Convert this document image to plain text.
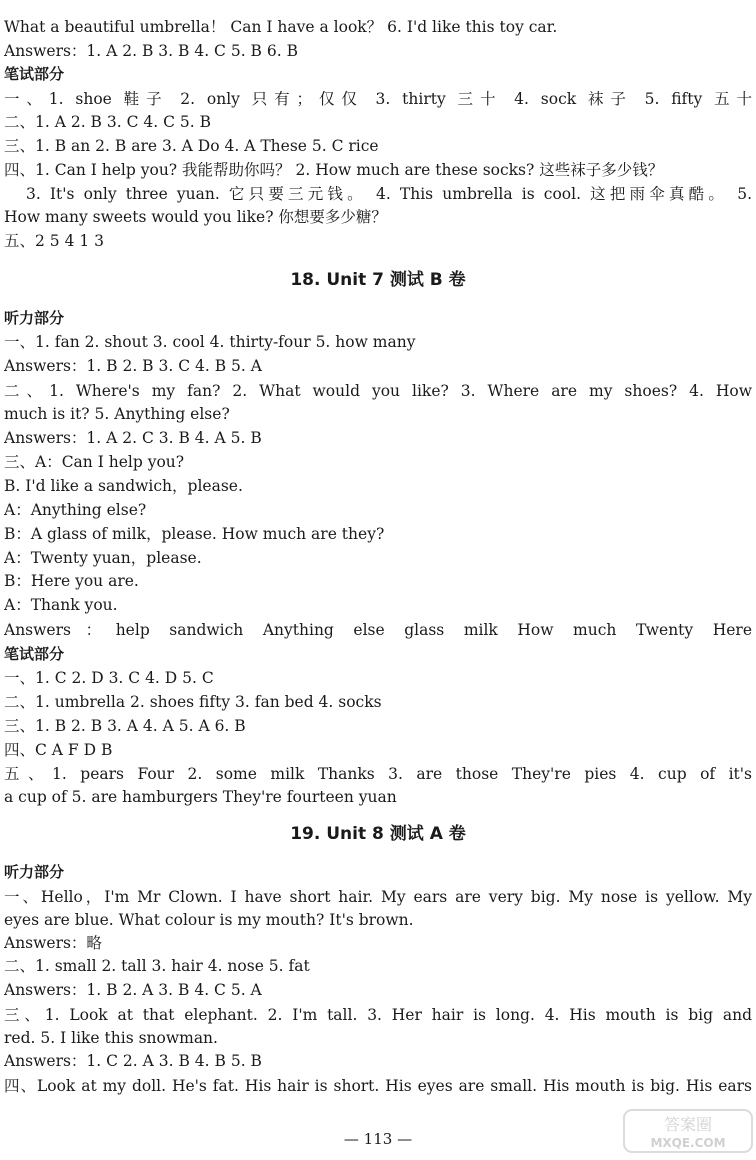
What a beautiful umbrella！ Can I have a look？ 6. I'd like this toy car.
Answers：1. A 2. B 3. B 4. C 5. B 6. B
笔试部分
一、1. shoe 鞋子 2. only 只有；仅仅 3. thirty 三十 4. sock 袜子 5. fifty 五十
二、1. A 2. B 3. C 4. C 5. B
三、1. B an 2. B are 3. A Do 4. A These 5. C rice
四、1. Can I help you? 我能帮助你吗？ 2. How much are these socks? 这些袜子多少钱？
3. It's only three yuan. 它只要三元钱。 4. This umbrella is cool. 这把雨伞真酷。 5.
How many sweets would you like? 你想要多少糖？
五、2 5 4 1 3
18. Unit 7 测试 B 卷
听力部分
一、1. fan 2. shout 3. cool 4. thirty-four 5. how many
Answers：1. B 2. B 3. C 4. B 5. A
二、1. Where's my fan? 2. What would you like? 3. Where are my shoes? 4. How
much is it? 5. Anything else?
Answers：1. A 2. C 3. B 4. A 5. B
三、A：Can I help you?
B. I'd like a sandwich，please.
A：Anything else?
B：A glass of milk，please. How much are they?
A：Twenty yuan，please.
B：Here you are.
A：Thank you.
Answers：help sandwich Anything else glass milk How much Twenty Here
笔试部分
一、1. C 2. D 3. C 4. D 5. C
二、1. umbrella 2. shoes fifty 3. fan bed 4. socks
三、1. B 2. B 3. A 4. A 5. A 6. B
四、C A F D B
五、1. pears Four 2. some milk Thanks 3. are those They're pies 4. cup of it's
a cup of 5. are hamburgers They're fourteen yuan
19. Unit 8 测试 A 卷
听力部分
一、Hello，I'm Mr Clown. I have short hair. My ears are very big. My nose is yellow. My
eyes are blue. What colour is my mouth? It's brown.
Answers：略
二、1. small 2. tall 3. hair 4. nose 5. fat
Answers：1. B 2. A 3. B 4. C 5. A
三、1. Look at that elephant. 2. I'm tall. 3. Her hair is long. 4. His mouth is big and
red. 5. I like this snowman.
Answers：1. C 2. A 3. B 4. B 5. B
四、Look at my doll. He's fat. His hair is short. His eyes are small. His mouth is big. His ears
— 113 —
答案圈
MXQE.COM
